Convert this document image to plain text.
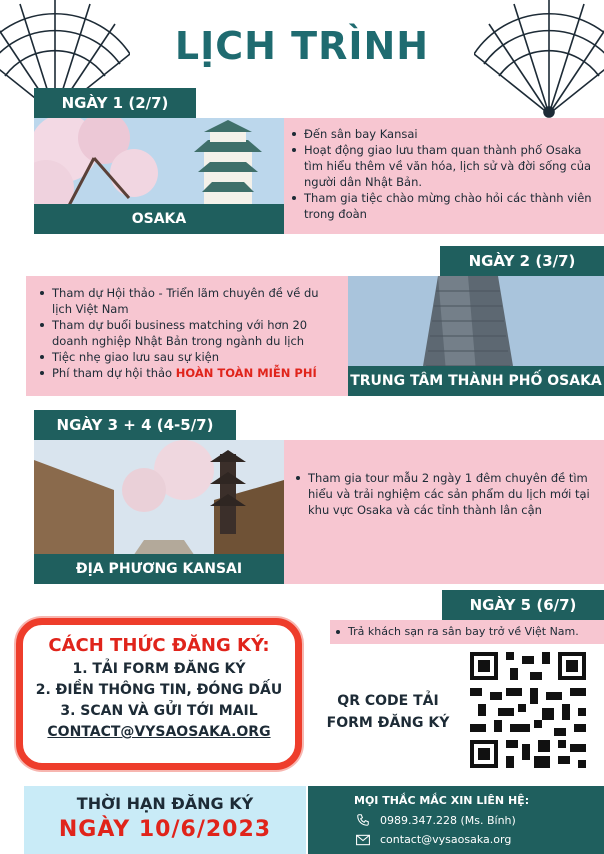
LỊCH TRÌNH
NGÀY 1 (2/7)
OSAKA
Đến sân bay Kansai
Hoạt động giao lưu tham quan thành phố Osaka tìm hiểu thêm về văn hóa, lịch sử và đời sống của người dân Nhật Bản.
Tham gia tiệc chào mừng chào hỏi các thành viên trong đoàn
NGÀY 2 (3/7)
Tham dự Hội thảo - Triển lãm chuyên đề về du lịch Việt Nam
Tham dự buổi business matching với hơn 20 doanh nghiệp Nhật Bản trong ngành du lịch
Tiệc nhẹ giao lưu sau sự kiện
Phí tham dự hội thảo HOÀN TOÀN MIỄN PHÍ	TRUNG TÂM THÀNH PHỐ OSAKA
NGÀY 3 + 4 (4-5/7)
ĐỊA PHƯƠNG KANSAI
Tham gia tour mẫu 2 ngày 1 đêm chuyên đề tìm hiểu và trải nghiệm các sản phẩm du lịch mới tại khu vực Osaka và các tỉnh thành lân cận
NGÀY 5 (6/7)
Trả khách sạn ra sân bay trở về Việt Nam.
CÁCH THỨC ĐĂNG KÝ:
1. TẢI FORM ĐĂNG KÝ
2. ĐIỀN THÔNG TIN, ĐÓNG DẤU
3. SCAN VÀ GỬI TỚI MAIL
CONTACT@VYSAOSAKA.ORG
QR CODE TẢI
FORM ĐĂNG KÝ
THỜI HẠN ĐĂNG KÝ
NGÀY 10/6/2023
MỌI THẮC MẮC XIN LIÊN HỆ:
0989.347.228 (Ms. Bính)
contact@vysaosaka.org
